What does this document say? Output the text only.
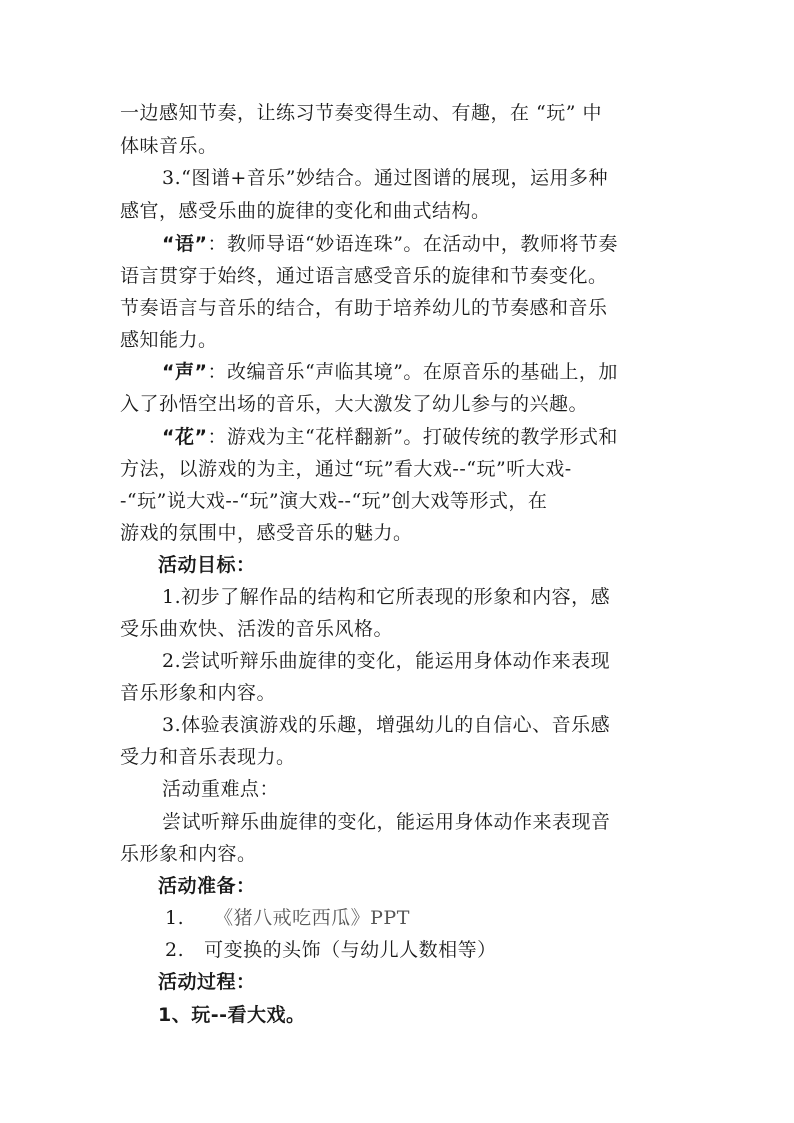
一边感知节奏，让练习节奏变得生动、有趣，在 “玩” 中
体味音乐。
3.“图谱+音乐”妙结合。通过图谱的展现，运用多种
感官，感受乐曲的旋律的变化和曲式结构。
“语”：教师导语“妙语连珠”。在活动中，教师将节奏
语言贯穿于始终，通过语言感受音乐的旋律和节奏变化。
节奏语言与音乐的结合，有助于培养幼儿的节奏感和音乐
感知能力。
“声”：改编音乐“声临其境”。在原音乐的基础上，加
入了孙悟空出场的音乐，大大激发了幼儿参与的兴趣。
“花”：游戏为主“花样翻新”。打破传统的教学形式和
方法，以游戏的为主，通过“玩”看大戏--“玩”听大戏-
-“玩”说大戏--“玩”演大戏--“玩”创大戏等形式，在
游戏的氛围中，感受音乐的魅力。
活动目标：
1.初步了解作品的结构和它所表现的形象和内容，感
受乐曲欢快、活泼的音乐风格。
2.尝试听辩乐曲旋律的变化，能运用身体动作来表现
音乐形象和内容。
3.体验表演游戏的乐趣，增强幼儿的自信心、音乐感
受力和音乐表现力。
活动重难点：
尝试听辩乐曲旋律的变化，能运用身体动作来表现音
乐形象和内容。
活动准备：
1. 《猪八戒吃西瓜》PPT
2. 可变换的头饰（与幼儿人数相等）
活动过程：
1、玩--看大戏。
